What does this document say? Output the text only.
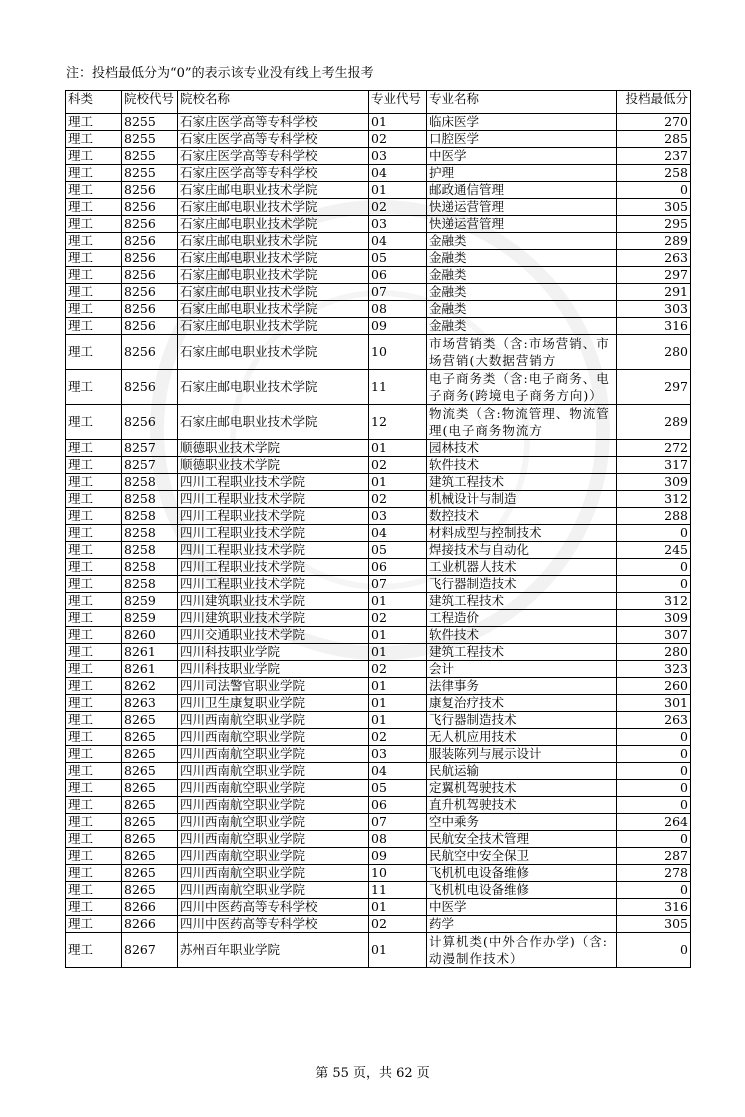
注：投档最低分为“0”的表示该专业没有线上考生报考
科类	院校代号	院校名称	专业代号	专业名称	投档最低分
理工	8255	石家庄医学高等专科学校	01	临床医学	270
理工	8255	石家庄医学高等专科学校	02	口腔医学	285
理工	8255	石家庄医学高等专科学校	03	中医学	237
理工	8255	石家庄医学高等专科学校	04	护理	258
理工	8256	石家庄邮电职业技术学院	01	邮政通信管理	0
理工	8256	石家庄邮电职业技术学院	02	快递运营管理	305
理工	8256	石家庄邮电职业技术学院	03	快递运营管理	295
理工	8256	石家庄邮电职业技术学院	04	金融类	289
理工	8256	石家庄邮电职业技术学院	05	金融类	263
理工	8256	石家庄邮电职业技术学院	06	金融类	297
理工	8256	石家庄邮电职业技术学院	07	金融类	291
理工	8256	石家庄邮电职业技术学院	08	金融类	303
理工	8256	石家庄邮电职业技术学院	09	金融类	316
理工	8256	石家庄邮电职业技术学院	10	市场营销类（含:市场营销、市场营销(大数据营销方	280
理工	8256	石家庄邮电职业技术学院	11	电子商务类（含:电子商务、电子商务(跨境电子商务方向)）	297
理工	8256	石家庄邮电职业技术学院	12	物流类（含:物流管理、物流管理(电子商务物流方	289
理工	8257	顺德职业技术学院	01	园林技术	272
理工	8257	顺德职业技术学院	02	软件技术	317
理工	8258	四川工程职业技术学院	01	建筑工程技术	309
理工	8258	四川工程职业技术学院	02	机械设计与制造	312
理工	8258	四川工程职业技术学院	03	数控技术	288
理工	8258	四川工程职业技术学院	04	材料成型与控制技术	0
理工	8258	四川工程职业技术学院	05	焊接技术与自动化	245
理工	8258	四川工程职业技术学院	06	工业机器人技术	0
理工	8258	四川工程职业技术学院	07	飞行器制造技术	0
理工	8259	四川建筑职业技术学院	01	建筑工程技术	312
理工	8259	四川建筑职业技术学院	02	工程造价	309
理工	8260	四川交通职业技术学院	01	软件技术	307
理工	8261	四川科技职业学院	01	建筑工程技术	280
理工	8261	四川科技职业学院	02	会计	323
理工	8262	四川司法警官职业学院	01	法律事务	260
理工	8263	四川卫生康复职业学院	01	康复治疗技术	301
理工	8265	四川西南航空职业学院	01	飞行器制造技术	263
理工	8265	四川西南航空职业学院	02	无人机应用技术	0
理工	8265	四川西南航空职业学院	03	服装陈列与展示设计	0
理工	8265	四川西南航空职业学院	04	民航运输	0
理工	8265	四川西南航空职业学院	05	定翼机驾驶技术	0
理工	8265	四川西南航空职业学院	06	直升机驾驶技术	0
理工	8265	四川西南航空职业学院	07	空中乘务	264
理工	8265	四川西南航空职业学院	08	民航安全技术管理	0
理工	8265	四川西南航空职业学院	09	民航空中安全保卫	287
理工	8265	四川西南航空职业学院	10	飞机机电设备维修	278
理工	8265	四川西南航空职业学院	11	飞机机电设备维修	0
理工	8266	四川中医药高等专科学校	01	中医学	316
理工	8266	四川中医药高等专科学校	02	药学	305
理工	8267	苏州百年职业学院	01	计算机类(中外合作办学)（含:动漫制作技术）	0
第 55 页，共 62 页
